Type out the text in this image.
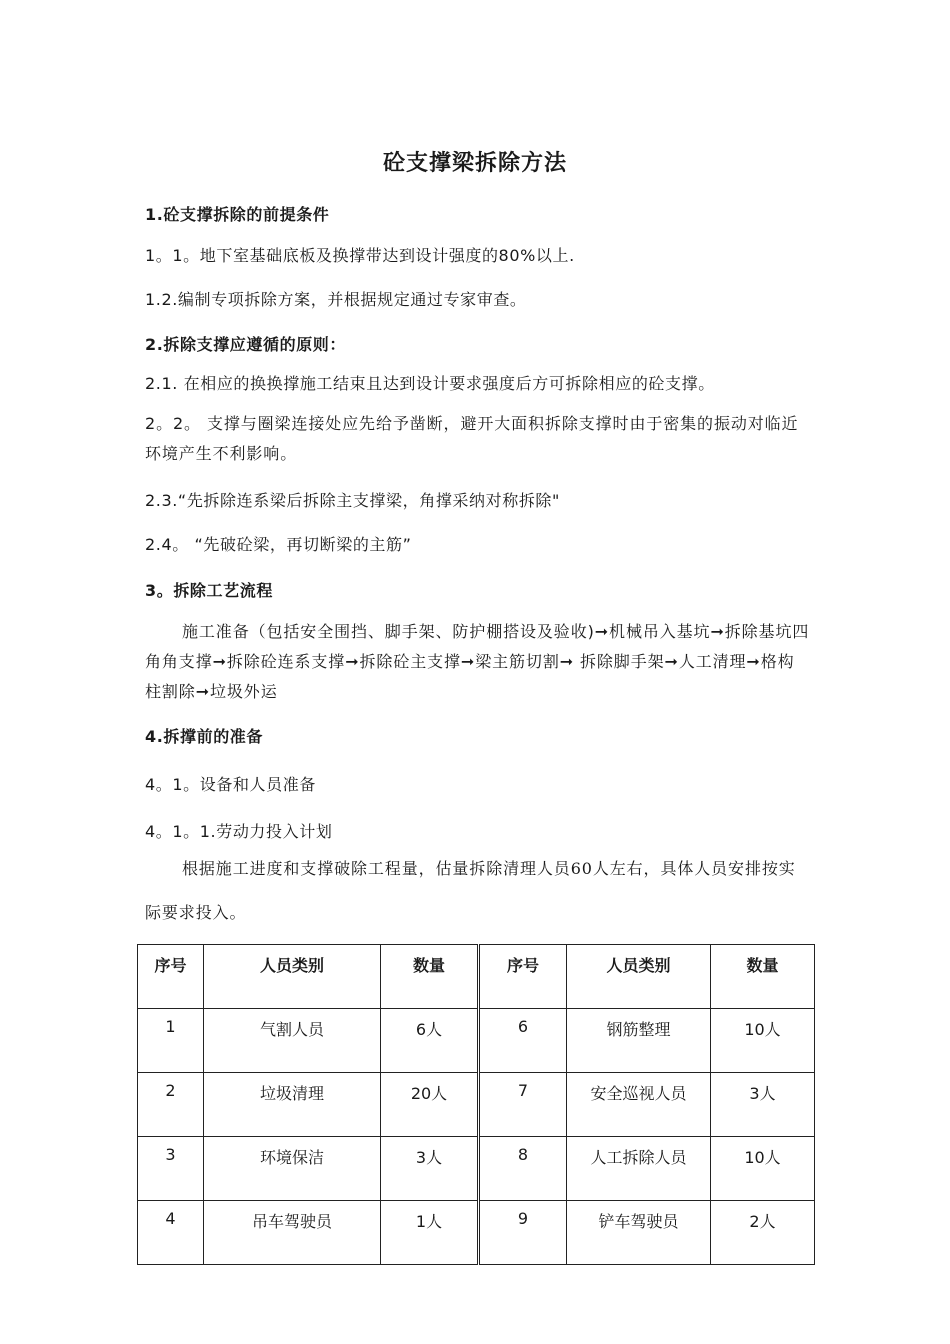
砼支撑梁拆除方法
1.砼支撑拆除的前提条件
1。1。地下室基础底板及换撑带达到设计强度的80%以上.
1.2.编制专项拆除方案，并根据规定通过专家审查。
2.拆除支撑应遵循的原则：
2.1. 在相应的换换撑施工结束且达到设计要求强度后方可拆除相应的砼支撑。
2。2。 支撑与圈梁连接处应先给予凿断，避开大面积拆除支撑时由于密集的振动对临近环境产生不利影响。
2.3.“先拆除连系梁后拆除主支撑梁，角撑采纳对称拆除"
2.4。 “先破砼梁，再切断梁的主筋”
3。拆除工艺流程
施工准备（包括安全围挡、脚手架、防护棚搭设及验收)➞机械吊入基坑➞拆除基坑四角角支撑➞拆除砼连系支撑➞拆除砼主支撑➞梁主筋切割➞ 拆除脚手架➞人工清理➞格构柱割除➞垃圾外运
4.拆撑前的准备
4。1。设备和人员准备
4。1。1.劳动力投入计划
根据施工进度和支撑破除工程量，估量拆除清理人员60人左右，具体人员安排按实际要求投入。
序号	人员类别	数量	序号	人员类别	数量
1	气割人员	6人	6	钢筋整理	10人
2	垃圾清理	20人	7	安全巡视人员	3人
3	环境保洁	3人	8	人工拆除人员	10人
4	吊车驾驶员	1人	9	铲车驾驶员	2人
